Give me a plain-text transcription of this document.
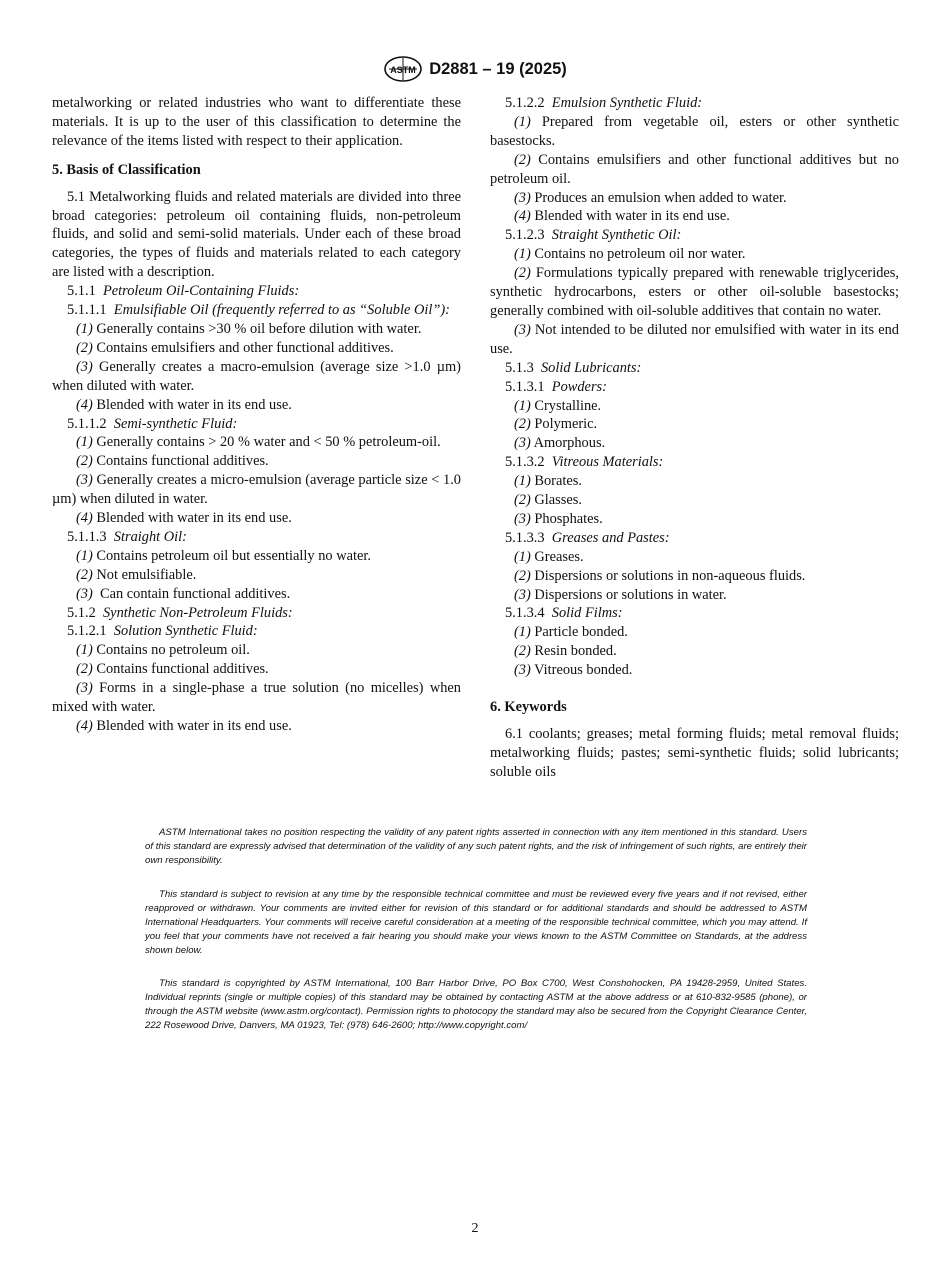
ASTM D2881 – 19 (2025)

metalworking or related industries who want to differentiate these materials. It is up to the user of this classification to determine the relevance of the items listed with respect to their application.

5. Basis of Classification

5.1 Metalworking fluids and related materials are divided into three broad categories: petroleum oil containing fluids, non-petroleum fluids, and solid and semi-solid materials. Under each of these broad categories, the types of fluids and materials related to each category are listed with a description.

5.1.1 Petroleum Oil-Containing Fluids:

5.1.1.1 Emulsifiable Oil (frequently referred to as “Soluble Oil”):

(1) Generally contains >30 % oil before dilution with water.

(2) Contains emulsifiers and other functional additives.

(3) Generally creates a macro-emulsion (average size >1.0 µm) when diluted with water.

(4) Blended with water in its end use.

5.1.1.2 Semi-synthetic Fluid:

(1) Generally contains > 20 % water and < 50 % petroleum-oil.

(2) Contains functional additives.

(3) Generally creates a micro-emulsion (average particle size < 1.0 µm) when diluted in water.

(4) Blended with water in its end use.

5.1.1.3 Straight Oil:

(1) Contains petroleum oil but essentially no water.

(2) Not emulsifiable.

(3) Can contain functional additives.

5.1.2 Synthetic Non-Petroleum Fluids:

5.1.2.1 Solution Synthetic Fluid:

(1) Contains no petroleum oil.

(2) Contains functional additives.

(3) Forms in a single-phase a true solution (no micelles) when mixed with water.

(4) Blended with water in its end use.

5.1.2.2 Emulsion Synthetic Fluid:

(1) Prepared from vegetable oil, esters or other synthetic basestocks.

(2) Contains emulsifiers and other functional additives but no petroleum oil.

(3) Produces an emulsion when added to water.

(4) Blended with water in its end use.

5.1.2.3 Straight Synthetic Oil:

(1) Contains no petroleum oil nor water.

(2) Formulations typically prepared with renewable triglycerides, synthetic hydrocarbons, esters or other oil-soluble basestocks; generally combined with oil-soluble additives that contain no water.

(3) Not intended to be diluted nor emulsified with water in its end use.

5.1.3 Solid Lubricants:

5.1.3.1 Powders:

(1) Crystalline.

(2) Polymeric.

(3) Amorphous.

5.1.3.2 Vitreous Materials:

(1) Borates.

(2) Glasses.

(3) Phosphates.

5.1.3.3 Greases and Pastes:

(1) Greases.

(2) Dispersions or solutions in non-aqueous fluids.

(3) Dispersions or solutions in water.

5.1.3.4 Solid Films:

(1) Particle bonded.

(2) Resin bonded.

(3) Vitreous bonded.

6. Keywords

6.1 coolants; greases; metal forming fluids; metal removal fluids; metalworking fluids; pastes; semi-synthetic fluids; solid lubricants; soluble oils

ASTM International takes no position respecting the validity of any patent rights asserted in connection with any item mentioned in this standard. Users of this standard are expressly advised that determination of the validity of any such patent rights, and the risk of infringement of such rights, are entirely their own responsibility.

This standard is subject to revision at any time by the responsible technical committee and must be reviewed every five years and if not revised, either reapproved or withdrawn. Your comments are invited either for revision of this standard or for additional standards and should be addressed to ASTM International Headquarters. Your comments will receive careful consideration at a meeting of the responsible technical committee, which you may attend. If you feel that your comments have not received a fair hearing you should make your views known to the ASTM Committee on Standards, at the address shown below.

This standard is copyrighted by ASTM International, 100 Barr Harbor Drive, PO Box C700, West Conshohocken, PA 19428-2959, United States. Individual reprints (single or multiple copies) of this standard may be obtained by contacting ASTM at the above address or at 610-832-9585 (phone), or through the ASTM website (www.astm.org/contact). Permission rights to photocopy the standard may also be secured from the Copyright Clearance Center, 222 Rosewood Drive, Danvers, MA 01923, Tel: (978) 646-2600; http://www.copyright.com/

2
